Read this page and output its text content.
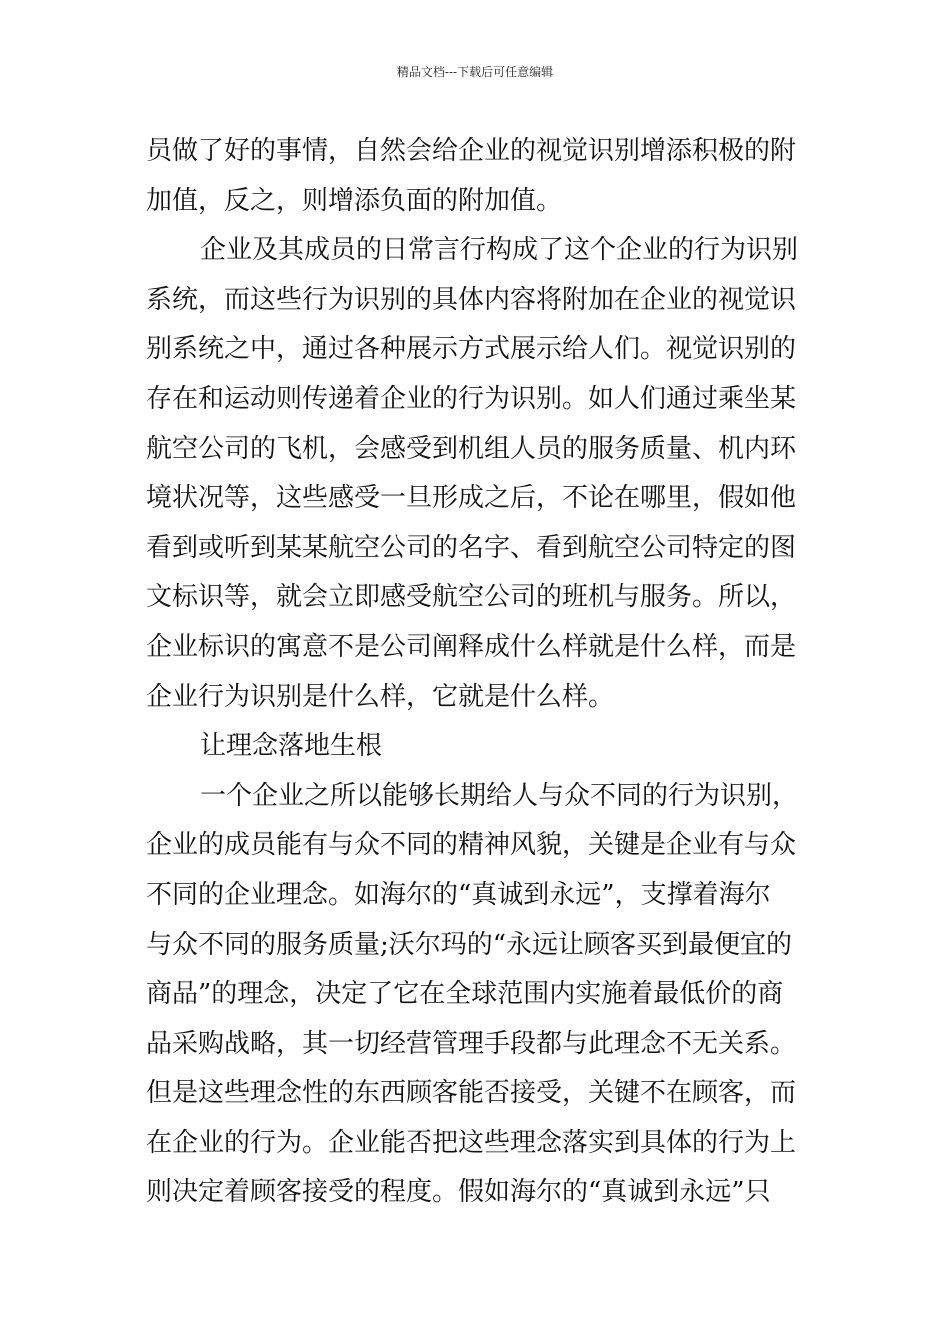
精品文档---下载后可任意编辑
员做了好的事情，自然会给企业的视觉识别增添积极的附
加值，反之，则增添负面的附加值。
企业及其成员的日常言行构成了这个企业的行为识别
系统，而这些行为识别的具体内容将附加在企业的视觉识
别系统之中，通过各种展示方式展示给人们。视觉识别的
存在和运动则传递着企业的行为识别。如人们通过乘坐某
航空公司的飞机，会感受到机组人员的服务质量、机内环
境状况等，这些感受一旦形成之后，不论在哪里，假如他
看到或听到某某航空公司的名字、看到航空公司特定的图
文标识等，就会立即感受航空公司的班机与服务。所以，
企业标识的寓意不是公司阐释成什么样就是什么样，而是
企业行为识别是什么样，它就是什么样。
让理念落地生根
一个企业之所以能够长期给人与众不同的行为识别，
企业的成员能有与众不同的精神风貌，关键是企业有与众
不同的企业理念。如海尔的“真诚到永远”，支撑着海尔
与众不同的服务质量;沃尔玛的“永远让顾客买到最便宜的
商品”的理念，决定了它在全球范围内实施着最低价的商
品采购战略，其一切经营管理手段都与此理念不无关系。
但是这些理念性的东西顾客能否接受，关键不在顾客，而
在企业的行为。企业能否把这些理念落实到具体的行为上
则决定着顾客接受的程度。假如海尔的“真诚到永远”只
